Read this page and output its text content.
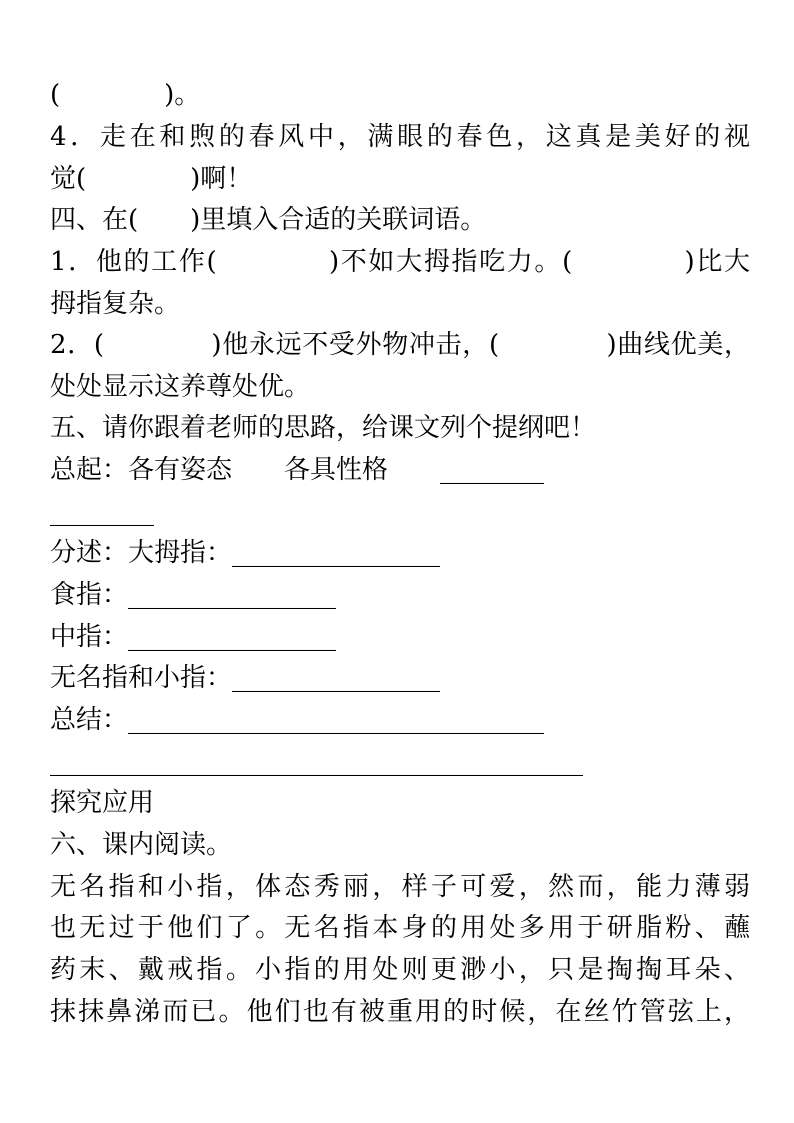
(　　　　)。
4．走在和煦的春风中，满眼的春色，这真是美好的视
觉(　　　　)啊！
四、在(　　)里填入合适的关联词语。
1．他的工作(　　　　)不如大拇指吃力。(　　　　)比大
拇指复杂。
2．(　　　　)他永远不受外物冲击，(　　　　)曲线优美，
处处显示这养尊处优。
五、请你跟着老师的思路，给课文列个提纲吧！
总起：各有姿态　　各具性格　　________
________
分述：大拇指：________________
食指：________________
中指：________________
无名指和小指：________________
总结：________________________________
_________________________________________
探究应用
六、课内阅读。
无名指和小指，体态秀丽，样子可爱，然而，能力薄弱
也无过于他们了。无名指本身的用处多用于研脂粉、蘸
药末、戴戒指。小指的用处则更渺小，只是掏掏耳朵、
抹抹鼻涕而已。他们也有被重用的时候，在丝竹管弦上，
